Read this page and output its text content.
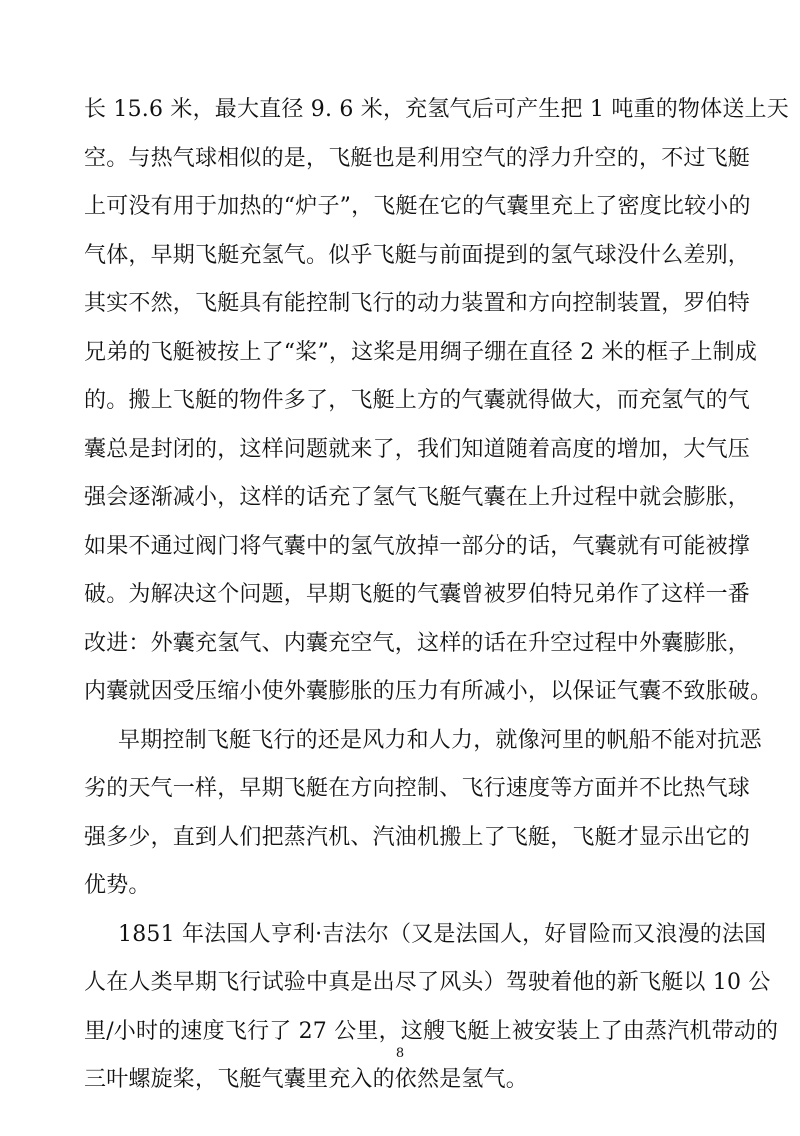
长 15.6 米，最大直径 9. 6 米，充氢气后可产生把 1 吨重的物体送上天
空。与热气球相似的是，飞艇也是利用空气的浮力升空的，不过飞艇
上可没有用于加热的“炉子”，飞艇在它的气囊里充上了密度比较小的
气体，早期飞艇充氢气。似乎飞艇与前面提到的氢气球没什么差别，
其实不然，飞艇具有能控制飞行的动力装置和方向控制装置，罗伯特
兄弟的飞艇被按上了“桨”，这桨是用绸子绷在直径 2 米的框子上制成
的。搬上飞艇的物件多了，飞艇上方的气囊就得做大，而充氢气的气
囊总是封闭的，这样问题就来了，我们知道随着高度的增加，大气压
强会逐渐减小，这样的话充了氢气飞艇气囊在上升过程中就会膨胀，
如果不通过阀门将气囊中的氢气放掉一部分的话，气囊就有可能被撑
破。为解决这个问题，早期飞艇的气囊曾被罗伯特兄弟作了这样一番
改进：外囊充氢气、内囊充空气，这样的话在升空过程中外囊膨胀，
内囊就因受压缩小使外囊膨胀的压力有所减小，以保证气囊不致胀破。
早期控制飞艇飞行的还是风力和人力，就像河里的帆船不能对抗恶
劣的天气一样，早期飞艇在方向控制、飞行速度等方面并不比热气球
强多少，直到人们把蒸汽机、汽油机搬上了飞艇，飞艇才显示出它的
优势。
1851 年法国人亨利·吉法尔（又是法国人，好冒险而又浪漫的法国
人在人类早期飞行试验中真是出尽了风头）驾驶着他的新飞艇以 10 公
里/小时的速度飞行了 27 公里，这艘飞艇上被安装上了由蒸汽机带动的
三叶螺旋桨，飞艇气囊里充入的依然是氢气。
8
